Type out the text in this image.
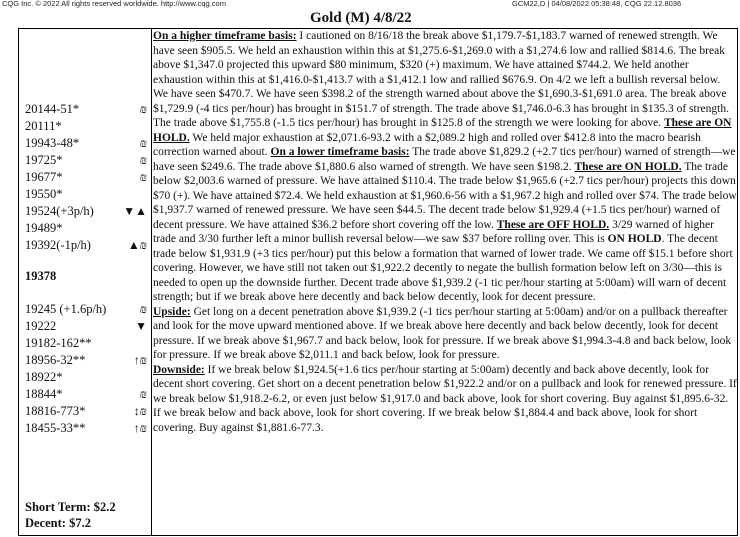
CQG Inc. © 2022 All rights reserved worldwide. http://www.cqg.com	GCM22,D | 04/08/2022 05:38:48, CQG 22.12.8036
Gold (M) 4/8/22
20144-51*	₪
20111*
19943-48*	₪
19725*	₪
19677*	₪
19550*
19524(+3p/h) ▼▲
19489*
19392(-1p/h)	▲₪
19378
19245 (+1.6p/h)	₪
19222	▼
19182-162**
18956-32**	↑₪
18922*
18844*	₪
18816-773*	↕₪
18455-33**	↑₪
Short Term: $2.2
Decent: $7.2

On a higher timeframe basis: I cautioned on 8/16/18 the break above $1,179.7-$1,183.7 warned of renewed strength. We have seen $905.5. We held an exhaustion within this at $1,275.6-$1,269.0 with a $1,274.6 low and rallied $814.6. The break above $1,347.0 projected this upward $80 minimum, $320 (+) maximum. We have attained $744.2. We held another exhaustion within this at $1,416.0-$1,413.7 with a $1,412.1 low and rallied $676.9. On 4/2 we left a bullish reversal below. We have seen $470.7. We have seen $398.2 of the strength warned about above the $1,690.3-$1,691.0 area. The break above $1,729.9 (-4 tics per/hour) has brought in $151.7 of strength. The trade above $1,746.0-6.3 has brought in $135.3 of strength. The trade above $1,755.8 (-1.5 tics per/hour) has brought in $125.8 of the strength we were looking for above. These are ON HOLD. We held major exhaustion at $2,071.6-93.2 with a $2,089.2 high and rolled over $412.8 into the macro bearish correction warned about. On a lower timeframe basis: The trade above $1,829.2 (+2.7 tics per/hour) warned of strength—we have seen $249.6. The trade above $1,880.6 also warned of strength. We have seen $198.2. These are ON HOLD. The trade below $2,003.6 warned of pressure. We have attained $110.4. The trade below $1,965.6 (+2.7 tics per/hour) projects this down $70 (+). We have attained $72.4. We held exhaustion at $1,960.6-56 with a $1,967.2 high and rolled over $74. The trade below $1,937.7 warned of renewed pressure. We have seen $44.5. The decent trade below $1,929.4 (+1.5 tics per/hour) warned of decent pressure. We have attained $36.2 before short covering off the low. These are OFF HOLD. 3/29 warned of higher trade and 3/30 further left a minor bullish reversal below—we saw $37 before rolling over. This is ON HOLD. The decent trade below $1,931.9 (+3 tics per/hour) put this below a formation that warned of lower trade. We came off $15.1 before short covering. However, we have still not taken out $1,922.2 decently to negate the bullish formation below left on 3/30—this is needed to open up the downside further. Decent trade above $1,939.2 (-1 tic per/hour starting at 5:00am) will warn of decent strength; but if we break above here decently and back below decently, look for decent pressure.

Upside: Get long on a decent penetration above $1,939.2 (-1 tics per/hour starting at 5:00am) and/or on a pullback thereafter and look for the move upward mentioned above. If we break above here decently and back below decently, look for decent pressure. If we break above $1,967.7 and back below, look for pressure. If we break above $1,994.3-4.8 and back below, look for pressure. If we break above $2,011.1 and back below, look for pressure.

Downside: If we break below $1,924.5(+1.6 tics per/hour starting at 5:00am) decently and back above decently, look for decent short covering. Get short on a decent penetration below $1,922.2 and/or on a pullback and look for renewed pressure. If we break below $1,918.2-6.2, or even just below $1,917.0 and back above, look for short covering. Buy against $1,895.6-32. If we break below and back above, look for short covering. If we break below $1,884.4 and back above, look for short covering. Buy against $1,881.6-77.3.
